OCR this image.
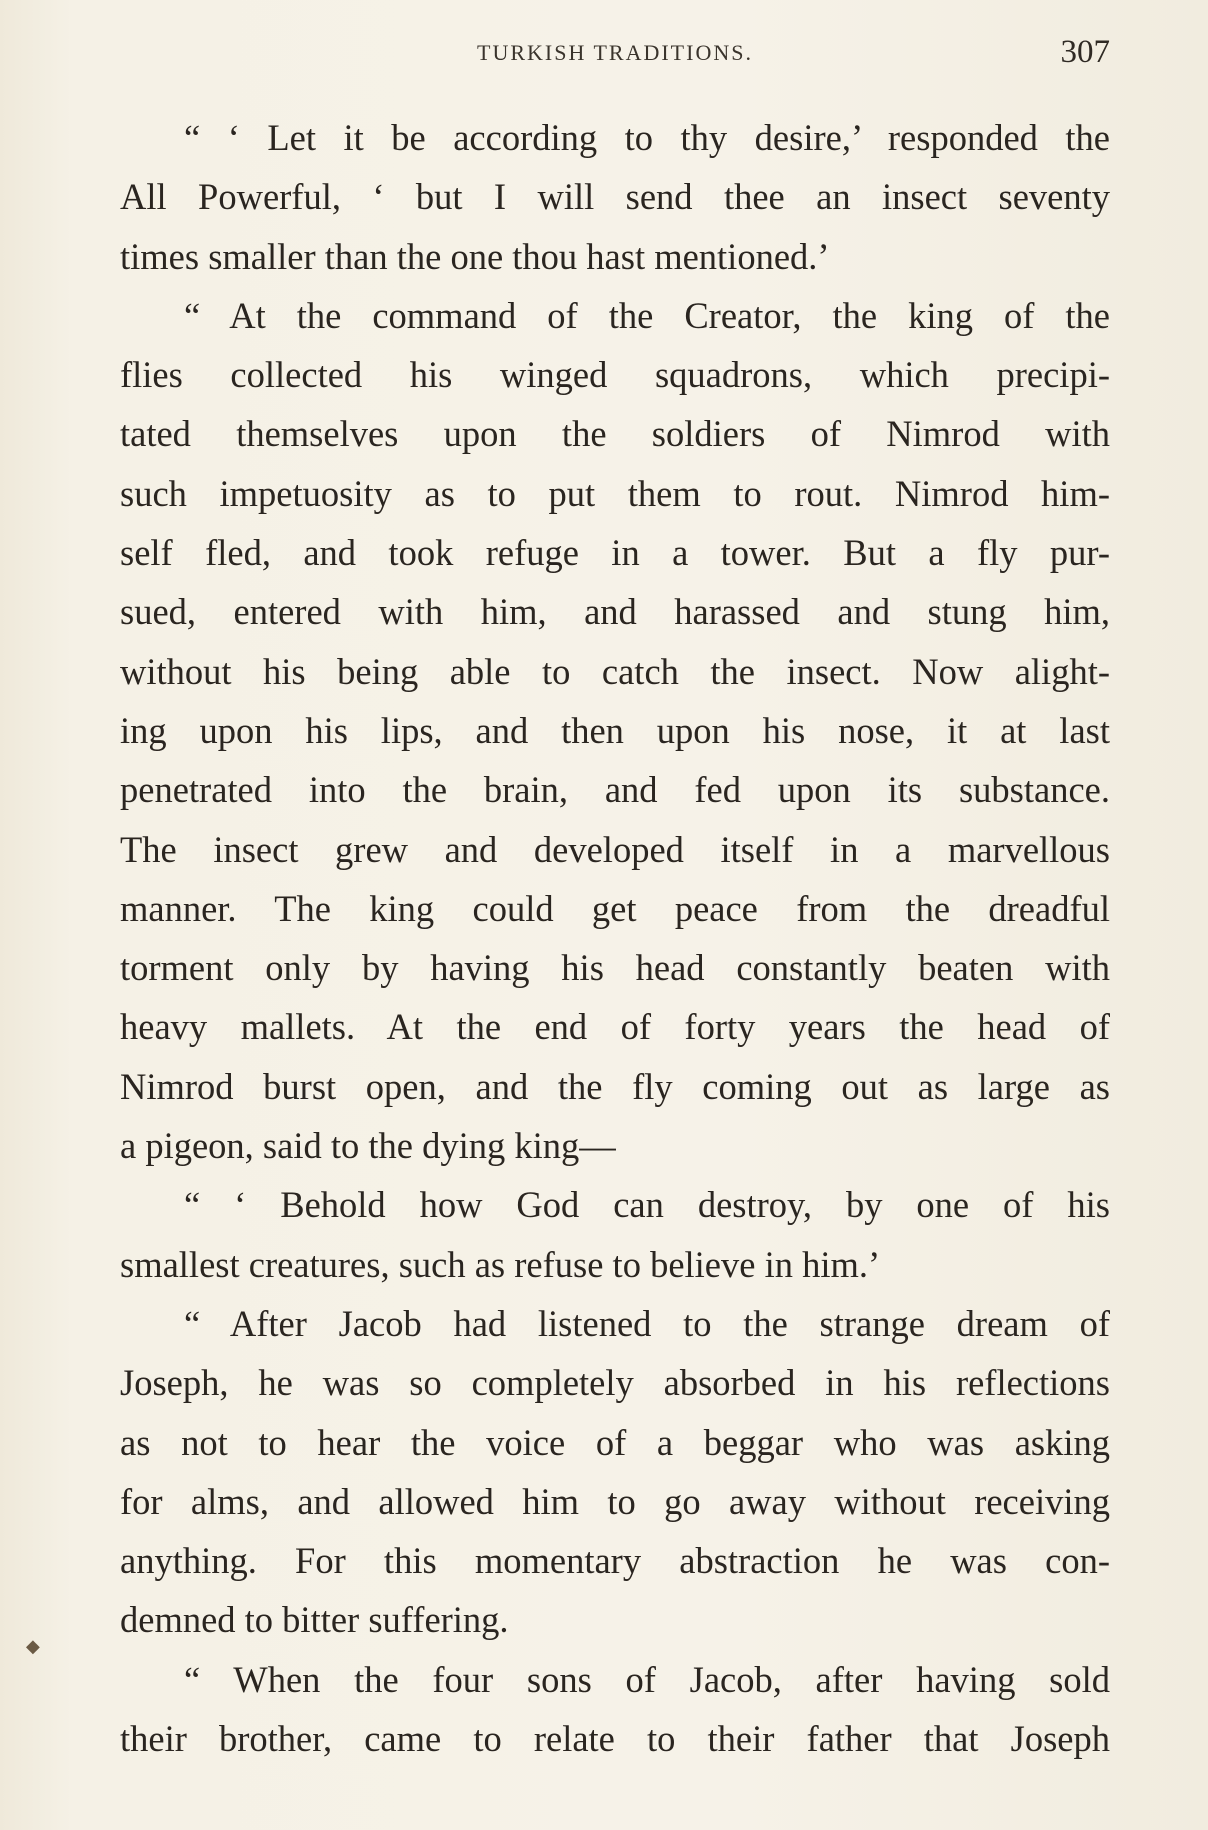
TURKISH TRADITIONS.	307
“ ‘ Let it be according to thy desire,’ responded the
All Powerful, ‘ but I will send thee an insect seventy
times smaller than the one thou hast mentioned.’
“ At the command of the Creator, the king of the
flies collected his winged squadrons, which precipi-
tated themselves upon the soldiers of Nimrod with
such impetuosity as to put them to rout. Nimrod him-
self fled, and took refuge in a tower. But a fly pur-
sued, entered with him, and harassed and stung him,
without his being able to catch the insect. Now alight-
ing upon his lips, and then upon his nose, it at last
penetrated into the brain, and fed upon its substance.
The insect grew and developed itself in a marvellous
manner. The king could get peace from the dreadful
torment only by having his head constantly beaten with
heavy mallets. At the end of forty years the head of
Nimrod burst open, and the fly coming out as large as
a pigeon, said to the dying king—
“ ‘ Behold how God can destroy, by one of his
smallest creatures, such as refuse to believe in him.’
“ After Jacob had listened to the strange dream of
Joseph, he was so completely absorbed in his reflections
as not to hear the voice of a beggar who was asking
for alms, and allowed him to go away without receiving
anything. For this momentary abstraction he was con-
demned to bitter suffering.
“ When the four sons of Jacob, after having sold
their brother, came to relate to their father that Joseph
◆
